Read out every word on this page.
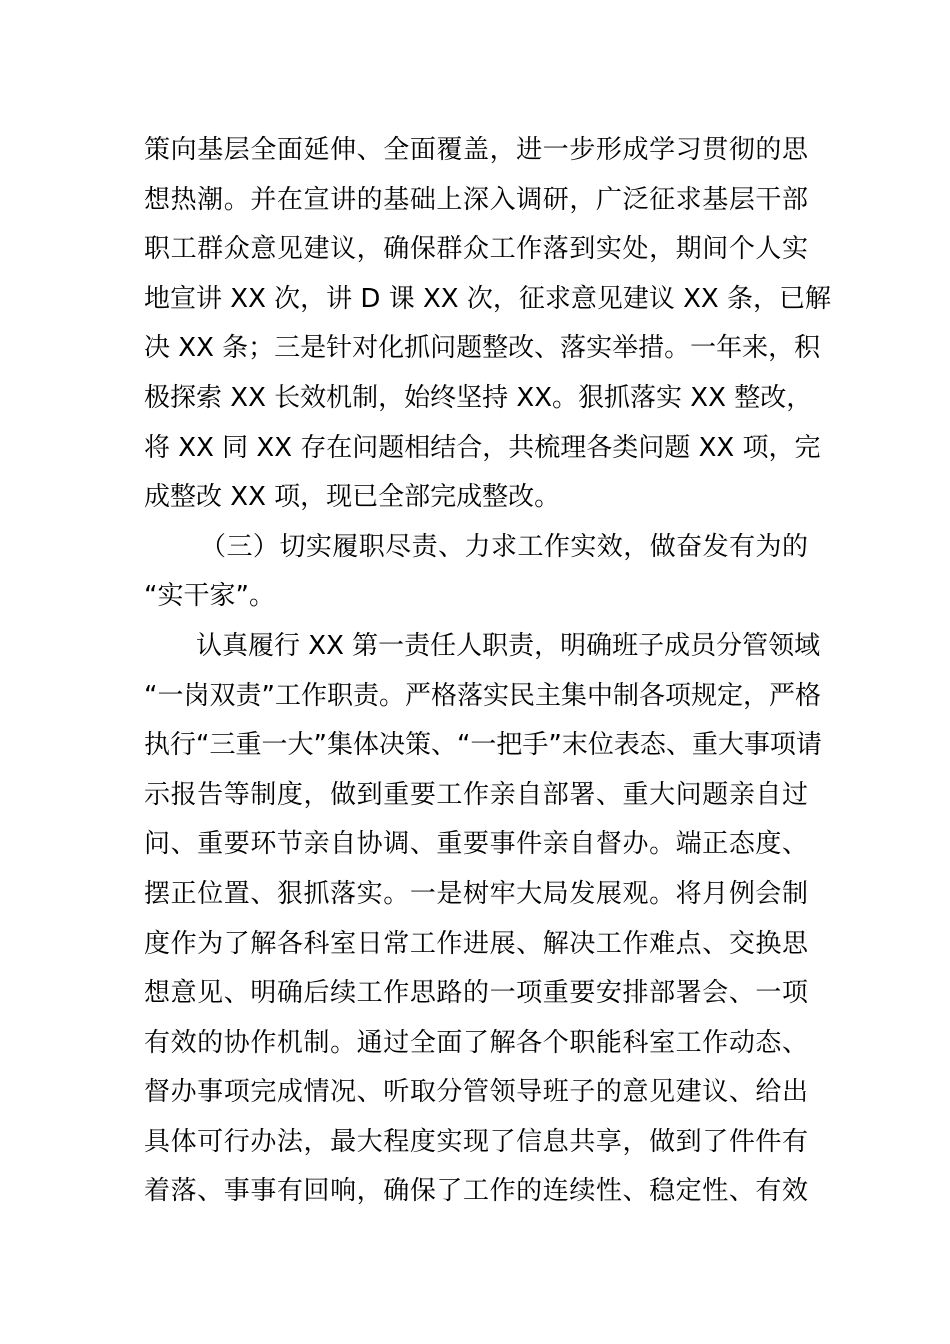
策向基层全面延伸、全面覆盖，进一步形成学习贯彻的思
想热潮。并在宣讲的基础上深入调研，广泛征求基层干部
职工群众意见建议，确保群众工作落到实处，期间个人实
地宣讲 XX 次，讲 D 课 XX 次，征求意见建议 XX 条，已解
决 XX 条；三是针对化抓问题整改、落实举措。一年来，积
极探索 XX 长效机制，始终坚持 XX。狠抓落实 XX 整改，
将 XX 同 XX 存在问题相结合，共梳理各类问题 XX 项，完
成整改 XX 项，现已全部完成整改。
（三）切实履职尽责、力求工作实效，做奋发有为的
“实干家”。
认真履行 XX 第一责任人职责，明确班子成员分管领域
“一岗双责”工作职责。严格落实民主集中制各项规定，严格
执行“三重一大”集体决策、“一把手”末位表态、重大事项请
示报告等制度，做到重要工作亲自部署、重大问题亲自过
问、重要环节亲自协调、重要事件亲自督办。端正态度、
摆正位置、狠抓落实。一是树牢大局发展观。将月例会制
度作为了解各科室日常工作进展、解决工作难点、交换思
想意见、明确后续工作思路的一项重要安排部署会、一项
有效的协作机制。通过全面了解各个职能科室工作动态、
督办事项完成情况、听取分管领导班子的意见建议、给出
具体可行办法，最大程度实现了信息共享，做到了件件有
着落、事事有回响，确保了工作的连续性、稳定性、有效
